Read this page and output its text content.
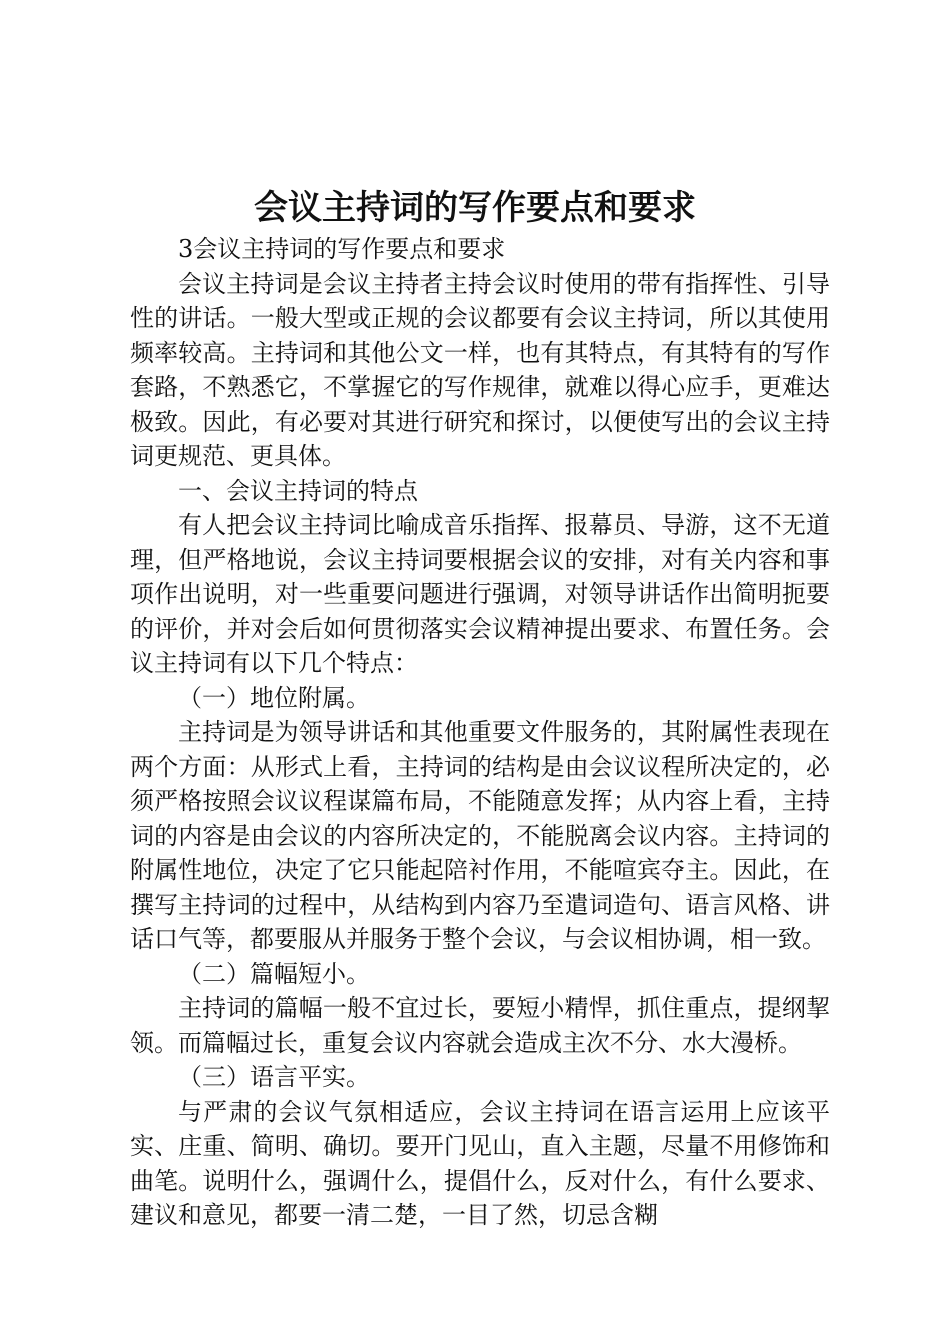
会议主持词的写作要点和要求

3会议主持词的写作要点和要求

会议主持词是会议主持者主持会议时使用的带有指挥性、引导性的讲话。一般大型或正规的会议都要有会议主持词，所以其使用频率较高。主持词和其他公文一样，也有其特点，有其特有的写作套路，不熟悉它，不掌握它的写作规律，就难以得心应手，更难达极致。因此，有必要对其进行研究和探讨，以便使写出的会议主持词更规范、更具体。

一、会议主持词的特点

有人把会议主持词比喻成音乐指挥、报幕员、导游，这不无道理，但严格地说，会议主持词要根据会议的安排，对有关内容和事项作出说明，对一些重要问题进行强调，对领导讲话作出简明扼要的评价，并对会后如何贯彻落实会议精神提出要求、布置任务。会议主持词有以下几个特点：

（一）地位附属。

主持词是为领导讲话和其他重要文件服务的，其附属性表现在两个方面：从形式上看，主持词的结构是由会议议程所决定的，必须严格按照会议议程谋篇布局，不能随意发挥；从内容上看，主持词的内容是由会议的内容所决定的，不能脱离会议内容。主持词的附属性地位，决定了它只能起陪衬作用，不能喧宾夺主。因此，在撰写主持词的过程中，从结构到内容乃至遣词造句、语言风格、讲话口气等，都要服从并服务于整个会议，与会议相协调，相一致。

（二）篇幅短小。

主持词的篇幅一般不宜过长，要短小精悍，抓住重点，提纲挈领。而篇幅过长，重复会议内容就会造成主次不分、水大漫桥。

（三）语言平实。

与严肃的会议气氛相适应，会议主持词在语言运用上应该平实、庄重、简明、确切。要开门见山，直入主题，尽量不用修饰和曲笔。说明什么，强调什么，提倡什么，反对什么，有什么要求、建议和意见，都要一清二楚，一目了然，切忌含糊
